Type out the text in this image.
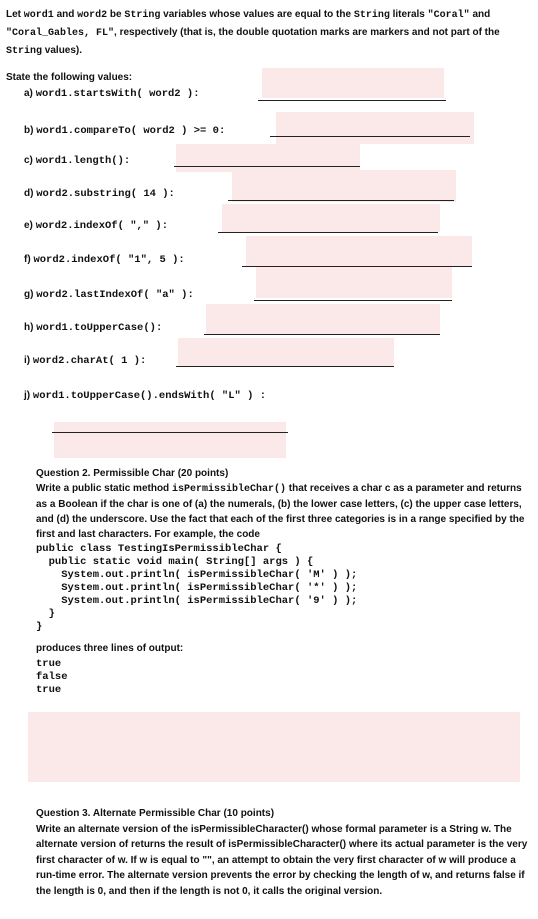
Let word1 and word2 be String variables whose values are equal to the String literals "Coral" and "Coral_Gables, FL", respectively (that is, the double quotation marks are markers and not part of the String values).
State the following values:
a) word1.startsWith( word2 ):
b) word1.compareTo( word2 ) >= 0:
c) word1.length():
d) word2.substring( 14 ):
e) word2.indexOf( "," ):
f) word2.indexOf( "1", 5 ):
g) word2.lastIndexOf( "a" ):
h) word1.toUpperCase():
i) word2.charAt( 1 ):
j) word1.toUpperCase().endsWith( "L" ) :
Question 2. Permissible Char (20 points)
Write a public static method isPermissibleChar() that receives a char c as a parameter and returns as a Boolean if the char is one of (a) the numerals, (b) the lower case letters, (c) the upper case letters, and (d) the underscore. Use the fact that each of the first three categories is in a range specified by the first and last characters. For example, the code
public class TestingIsPermissibleChar {
public static void main( String[] args ) {
System.out.println( isPermissibleChar( 'M' ) );
System.out.println( isPermissibleChar( '*' ) );
System.out.println( isPermissibleChar( '9' ) );
}
}
produces three lines of output:
true
false
true
Question 3. Alternate Permissible Char (10 points)
Write an alternate version of the isPermissibleCharacter() whose formal parameter is a String w. The alternate version of returns the result of isPermissibleCharacter() where its actual parameter is the very first character of w. If w is equal to "", an attempt to obtain the very first character of w will produce a run-time error. The alternate version prevents the error by checking the length of w, and returns false if the length is 0, and then if the length is not 0, it calls the original version.
